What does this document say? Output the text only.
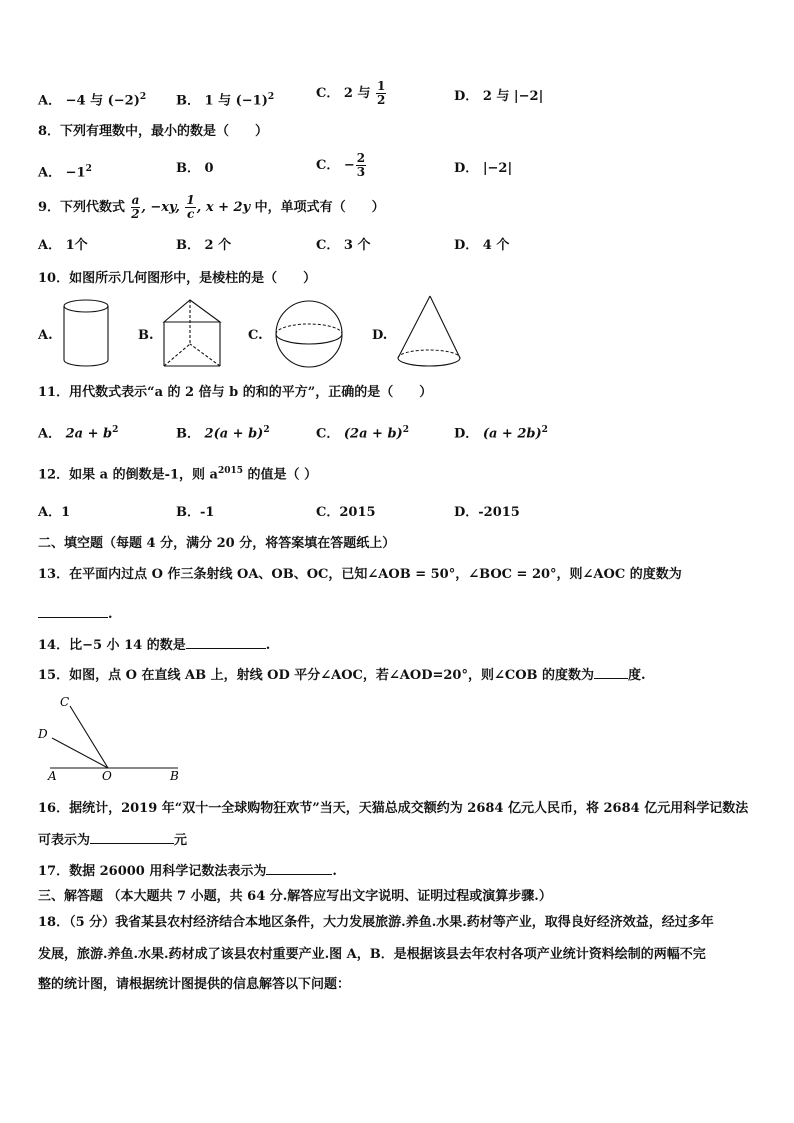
A． −4 与 $(-2)^2$ B． 1 与 $(-1)^2$	C． 2 与 $\frac{1}{2}$	D． 2 与 |−2|
8．下列有理数中，最小的数是（　　）
A． $-1^2$	B． 0	C． − $\frac{2}{3}$	D． |−2|
9．下列代数式 $\frac{a}{2}$ , −xy, $\frac{1}{c}$ , x + 2y 中，单项式有（　　）
A． 1个	B． 2 个	C． 3 个	D． 4 个
10．如图所示几何图形中，是棱柱的是（　　）
A.	B.	C.	D.
11．用代数式表示“a 的 2 倍与 b 的和的平方”，正确的是（　　）
A． $2a + b^2$	B． $2(a + b)^2$	C． $(2a + b)^2$	D． $(a + 2b)^2$
12．如果 a 的倒数是-1，则 $a^{2015}$ 的值是（ ）
A．1	B．-1	C．2015	D．-2015
二、填空题（每题 4 分，满分 20 分，将答案填在答题纸上）
13．在平面内过点 O 作三条射线 OA、OB、OC，已知∠AOB = 50°，∠BOC = 20°，则∠AOC 的度数为
.
14．比−5 小 14 的数是	.
15．如图，点 O 在直线 AB 上，射线 OD 平分∠AOC，若∠AOD=20°，则∠COB 的度数为	度.
C
D
A	O	B
16．据统计，2019 年“双十一全球购物狂欢节”当天，天猫总成交额约为 2684 亿元人民币，将 2684 亿元用科学记数法
可表示为	元
17．数据 26000 用科学记数法表示为	.
三、解答题 （本大题共 7 小题，共 64 分.解答应写出文字说明、证明过程或演算步骤.）
18．（5 分）我省某县农村经济结合本地区条件，大力发展旅游.养鱼.水果.药材等产业，取得良好经济效益，经过多年
发展，旅游.养鱼.水果.药材成了该县农村重要产业.图 A，B．是根据该县去年农村各项产业统计资料绘制的两幅不完
整的统计图，请根据统计图提供的信息解答以下问题：
